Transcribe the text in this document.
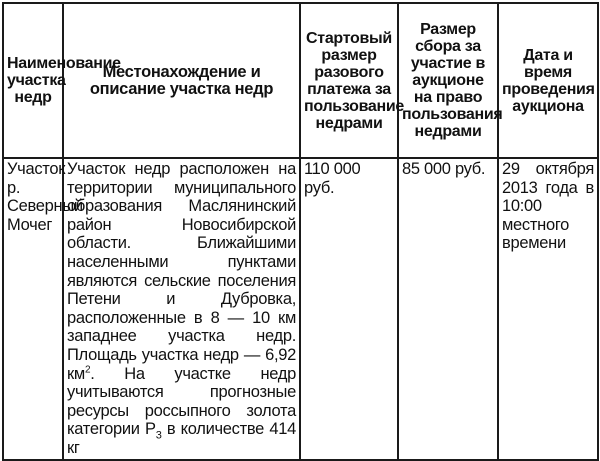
Наименование участка недр	Местонахождение и описание участка недр	Стартовый размер разового платежа за пользование недрами	Размер сбора за участие в аукционе на право пользования недрами	Дата и время проведения аукциона
Участок р. Северный Мочег	Участок недр расположен на территории муниципального образования Маслянинский район Новосибирской области. Ближайшими населенными пунктами являются сельские поселения Петени и Дубровка, расположенные в 8 — 10 км западнее участка недр. Площадь участка недр — 6,92 $км^2$. На участке недр учитываются прогнозные ресурсы россыпного золота категории $Р_3$ в количестве 414 кг	110 000 руб.	85 000 руб.	29 октября 2013 года в 10:00 местного времени
